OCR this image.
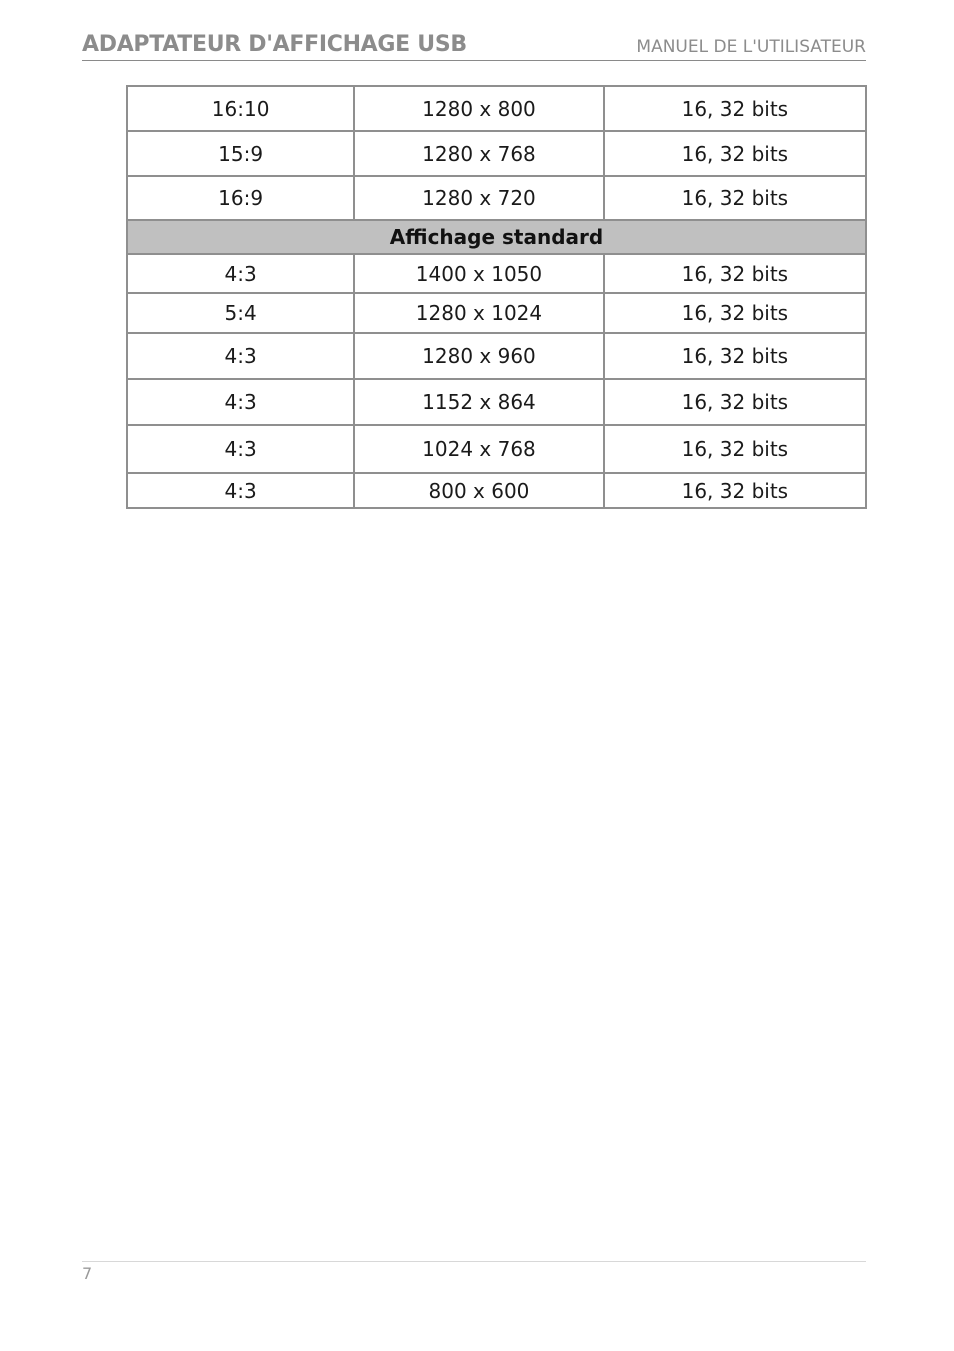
ADAPTATEUR D'AFFICHAGE USB	MANUEL DE L'UTILISATEUR
16:10	1280 x 800	16, 32 bits
15:9	1280 x 768	16, 32 bits
16:9	1280 x 720	16, 32 bits
Affichage standard		
4:3	1400 x 1050	16, 32 bits
5:4	1280 x 1024	16, 32 bits
4:3	1280 x 960	16, 32 bits
4:3	1152 x 864	16, 32 bits
4:3	1024 x 768	16, 32 bits
4:3	800 x 600	16, 32 bits
7
